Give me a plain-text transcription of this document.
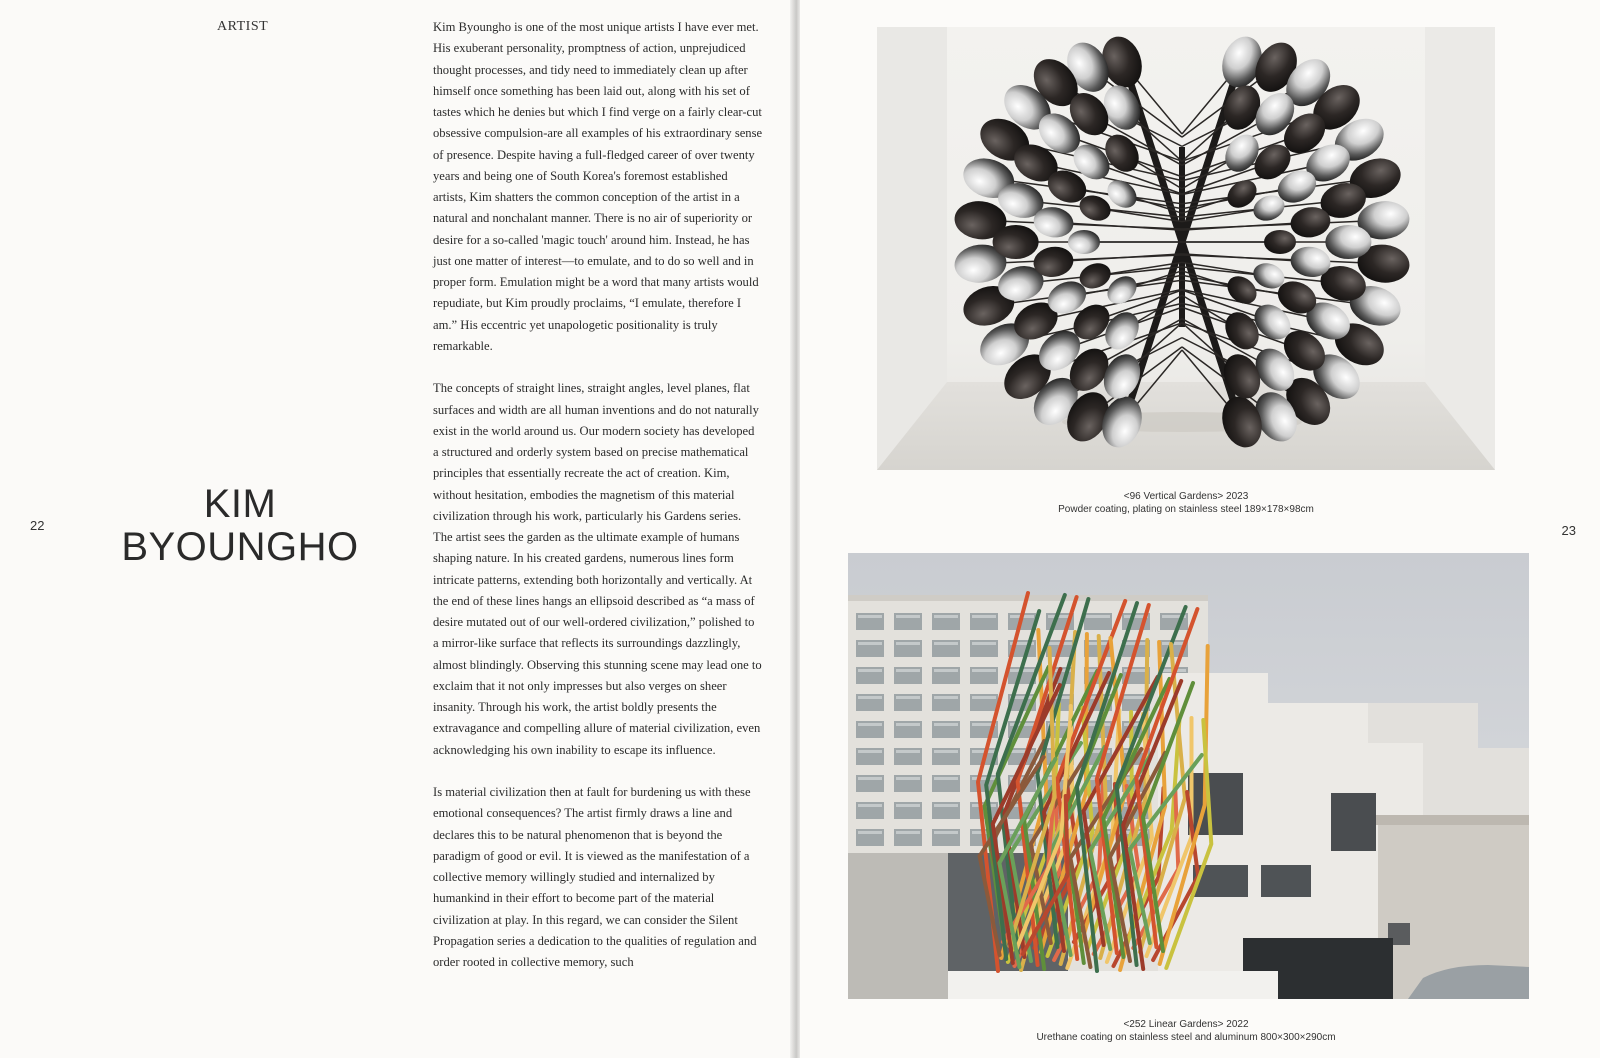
ARTIST
22	KIM
BYOUNGHO

Kim Byoungho is one of the most unique artists I have ever met. His exuberant personality, promptness of action, unprejudiced thought processes, and tidy need to immediately clean up after himself once something has been laid out, along with his set of tastes which he denies but which I find verge on a fairly clear-cut obsessive compulsion-are all examples of his extraordinary sense of presence. Despite having a full-fledged career of over twenty years and being one of South Korea's foremost established artists, Kim shatters the common conception of the artist in a natural and nonchalant manner. There is no air of superiority or desire for a so-called 'magic touch' around him. Instead, he has just one matter of interest—to emulate, and to do so well and in proper form. Emulation might be a word that many artists would repudiate, but Kim proudly proclaims, “I emulate, therefore I am.” His eccentric yet unapologetic positionality is truly remarkable.

The concepts of straight lines, straight angles, level planes, flat surfaces and width are all human inventions and do not naturally exist in the world around us. Our modern society has developed a structured and orderly system based on precise mathematical principles that essentially recreate the act of creation. Kim, without hesitation, embodies the magnetism of this material civilization through his work, particularly his Gardens series. The artist sees the garden as the ultimate example of humans shaping nature. In his created gardens, numerous lines form intricate patterns, extending both horizontally and vertically. At the end of these lines hangs an ellipsoid described as “a mass of desire mutated out of our well-ordered civilization,” polished to a mirror-like surface that reflects its surroundings dazzlingly, almost blindingly. Observing this stunning scene may lead one to exclaim that it not only impresses but also verges on sheer insanity. Through his work, the artist boldly presents the extravagance and compelling allure of material civilization, even acknowledging his own inability to escape its influence.

Is material civilization then at fault for burdening us with these emotional consequences? The artist firmly draws a line and declares this to be natural phenomenon that is beyond the paradigm of good or evil. It is viewed as the manifestation of a collective memory willingly studied and internalized by humankind in their effort to become part of the material civilization at play. In this regard, we can consider the Silent Propagation series a dedication to the qualities of regulation and order rooted in collective memory, such

23
<96 Vertical Gardens> 2023
Powder coating, plating on stainless steel 189×178×98cm
<252 Linear Gardens> 2022
Urethane coating on stainless steel and aluminum 800×300×290cm
